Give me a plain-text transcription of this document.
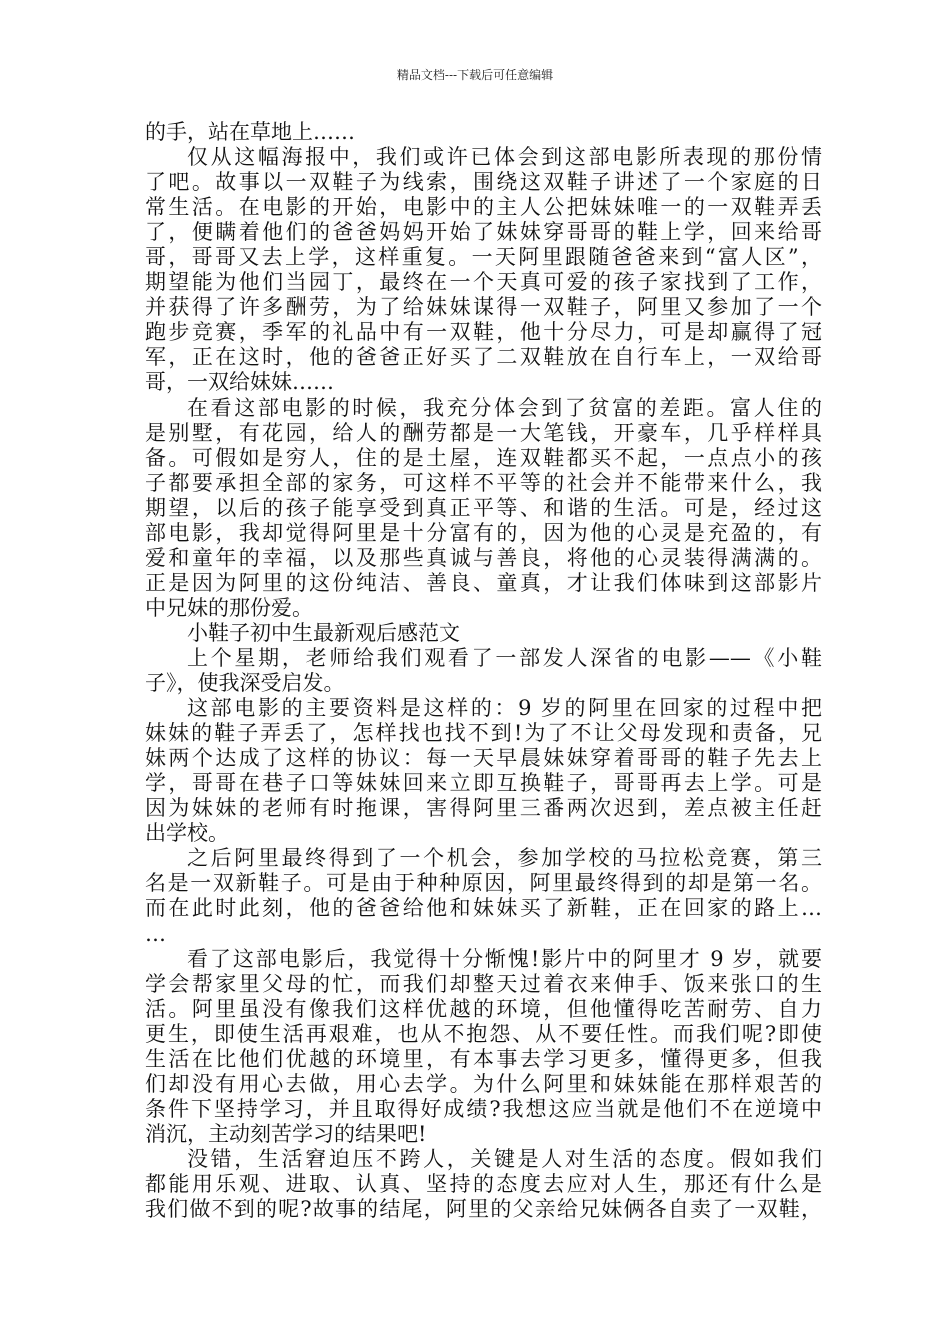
精品文档---下载后可任意编辑
的手，站在草地上……
仅从这幅海报中，我们或许已体会到这部电影所表现的那份情
了吧。故事以一双鞋子为线索，围绕这双鞋子讲述了一个家庭的日
常生活。在电影的开始，电影中的主人公把妹妹唯一的一双鞋弄丢
了，便瞒着他们的爸爸妈妈开始了妹妹穿哥哥的鞋上学，回来给哥
哥，哥哥又去上学，这样重复。一天阿里跟随爸爸来到“富人区”，
期望能为他们当园丁，最终在一个天真可爱的孩子家找到了工作，
并获得了许多酬劳，为了给妹妹谋得一双鞋子，阿里又参加了一个
跑步竞赛，季军的礼品中有一双鞋，他十分尽力，可是却赢得了冠
军，正在这时，他的爸爸正好买了二双鞋放在自行车上，一双给哥
哥，一双给妹妹……
在看这部电影的时候，我充分体会到了贫富的差距。富人住的
是别墅，有花园，给人的酬劳都是一大笔钱，开豪车，几乎样样具
备。可假如是穷人，住的是土屋，连双鞋都买不起，一点点小的孩
子都要承担全部的家务，可这样不平等的社会并不能带来什么，我
期望，以后的孩子能享受到真正平等、和谐的生活。可是，经过这
部电影，我却觉得阿里是十分富有的，因为他的心灵是充盈的，有
爱和童年的幸福，以及那些真诚与善良，将他的心灵装得满满的。
正是因为阿里的这份纯洁、善良、童真，才让我们体味到这部影片
中兄妹的那份爱。
小鞋子初中生最新观后感范文
上个星期，老师给我们观看了一部发人深省的电影——《小鞋
子》，使我深受启发。
这部电影的主要资料是这样的：9 岁的阿里在回家的过程中把
妹妹的鞋子弄丢了，怎样找也找不到!为了不让父母发现和责备，兄
妹两个达成了这样的协议：每一天早晨妹妹穿着哥哥的鞋子先去上
学，哥哥在巷子口等妹妹回来立即互换鞋子，哥哥再去上学。可是
因为妹妹的老师有时拖课，害得阿里三番两次迟到，差点被主任赶
出学校。
之后阿里最终得到了一个机会，参加学校的马拉松竞赛，第三
名是一双新鞋子。可是由于种种原因，阿里最终得到的却是第一名。
而在此时此刻，他的爸爸给他和妹妹买了新鞋，正在回家的路上…
…
看了这部电影后，我觉得十分惭愧!影片中的阿里才 9 岁，就要
学会帮家里父母的忙，而我们却整天过着衣来伸手、饭来张口的生
活。阿里虽没有像我们这样优越的环境，但他懂得吃苦耐劳、自力
更生，即使生活再艰难，也从不抱怨、从不要任性。而我们呢?即使
生活在比他们优越的环境里，有本事去学习更多，懂得更多，但我
们却没有用心去做，用心去学。为什么阿里和妹妹能在那样艰苦的
条件下坚持学习，并且取得好成绩?我想这应当就是他们不在逆境中
消沉，主动刻苦学习的结果吧!
没错，生活窘迫压不跨人，关键是人对生活的态度。假如我们
都能用乐观、进取、认真、坚持的态度去应对人生，那还有什么是
我们做不到的呢?故事的结尾，阿里的父亲给兄妹俩各自卖了一双鞋，
